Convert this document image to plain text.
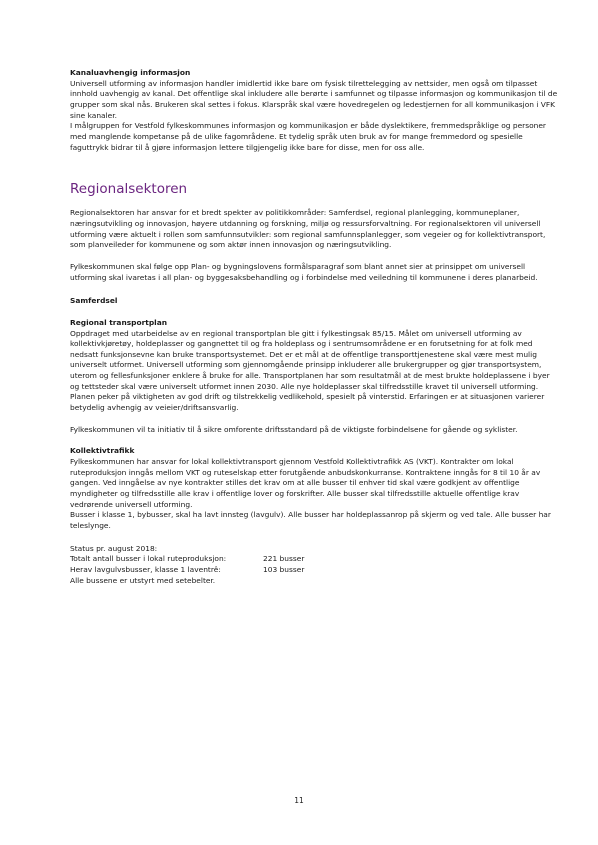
Kanaluavhengig informasjon

Universell utforming av informasjon handler imidlertid ikke bare om fysisk tilrettelegging av nettsider, men også om tilpasset innhold uavhengig av kanal. Det offentlige skal inkludere alle berørte i samfunnet og tilpasse informasjon og kommunikasjon til de grupper som skal nås. Brukeren skal settes i fokus. Klarspråk skal være hovedregelen og ledestjernen for all kommunikasjon i VFK sine kanaler.

I målgruppen for Vestfold fylkeskommunes informasjon og kommunikasjon er både dyslektikere, fremmedspråklige og personer med manglende kompetanse på de ulike fagområdene. Et tydelig språk uten bruk av for mange fremmedord og spesielle faguttrykk bidrar til å gjøre informasjon lettere tilgjengelig ikke bare for disse, men for oss alle.

Regionalsektoren

Regionalsektoren har ansvar for et bredt spekter av politikkområder: Samferdsel, regional planlegging, kommuneplaner, næringsutvikling og innovasjon, høyere utdanning og forskning, miljø og ressursforvaltning. For regionalsektoren vil universell utforming være aktuelt i rollen som samfunnsutvikler: som regional samfunnsplanlegger, som vegeier og for kollektivtransport, som planveileder for kommunene og som aktør innen innovasjon og næringsutvikling.

Fylkeskommunen skal følge opp Plan- og bygningslovens formålsparagraf som blant annet sier at prinsippet om universell utforming skal ivaretas i all plan- og byggesaksbehandling og i forbindelse med veiledning til kommunene i deres planarbeid.

Samferdsel

Regional transportplan

Oppdraget med utarbeidelse av en regional transportplan ble gitt i fylkestingsak 85/15. Målet om universell utforming av kollektivkjøretøy, holdeplasser og gangnettet til og fra holdeplass og i sentrumsområdene er en forutsetning for at folk med nedsatt funksjonsevne kan bruke transportsystemet. Det er et mål at de offentlige transporttjenestene skal være mest mulig universelt utformet. Universell utforming som gjennomgående prinsipp inkluderer alle brukergrupper og gjør transportsystem, uterom og fellesfunksjoner enklere å bruke for alle. Transportplanen har som resultatmål at de mest brukte holdeplassene i byer og tettsteder skal være universelt utformet innen 2030. Alle nye holdeplasser skal tilfredsstille kravet til universell utforming. Planen peker på viktigheten av god drift og tilstrekkelig vedlikehold, spesielt på vinterstid. Erfaringen er at situasjonen varierer betydelig avhengig av veieier/driftsansvarlig.

Fylkeskommunen vil ta initiativ til å sikre omforente driftsstandard på de viktigste forbindelsene for gående og syklister.

Kollektivtrafikk

Fylkeskommunen har ansvar for lokal kollektivtransport gjennom Vestfold Kollektivtrafikk AS (VKT). Kontrakter om lokal ruteproduksjon inngås mellom VKT og ruteselskap etter forutgående anbudskonkurranse. Kontraktene inngås for 8 til 10 år av gangen. Ved inngåelse av nye kontrakter stilles det krav om at alle busser til enhver tid skal være godkjent av offentlige myndigheter og tilfredsstille alle krav i offentlige lover og forskrifter. Alle busser skal tilfredsstille aktuelle offentlige krav vedrørende universell utforming.

Busser i klasse 1, bybusser, skal ha lavt innsteg (lavgulv). Alle busser har holdeplassanrop på skjerm og ved tale. Alle busser har teleslynge.

Status pr. august 2018:

Totalt antall busser i lokal ruteproduksjon:	221 busser
Herav lavgulvsbusser, klasse 1 laventrê:	103 busser

Alle bussene er utstyrt med setebelter.

11
